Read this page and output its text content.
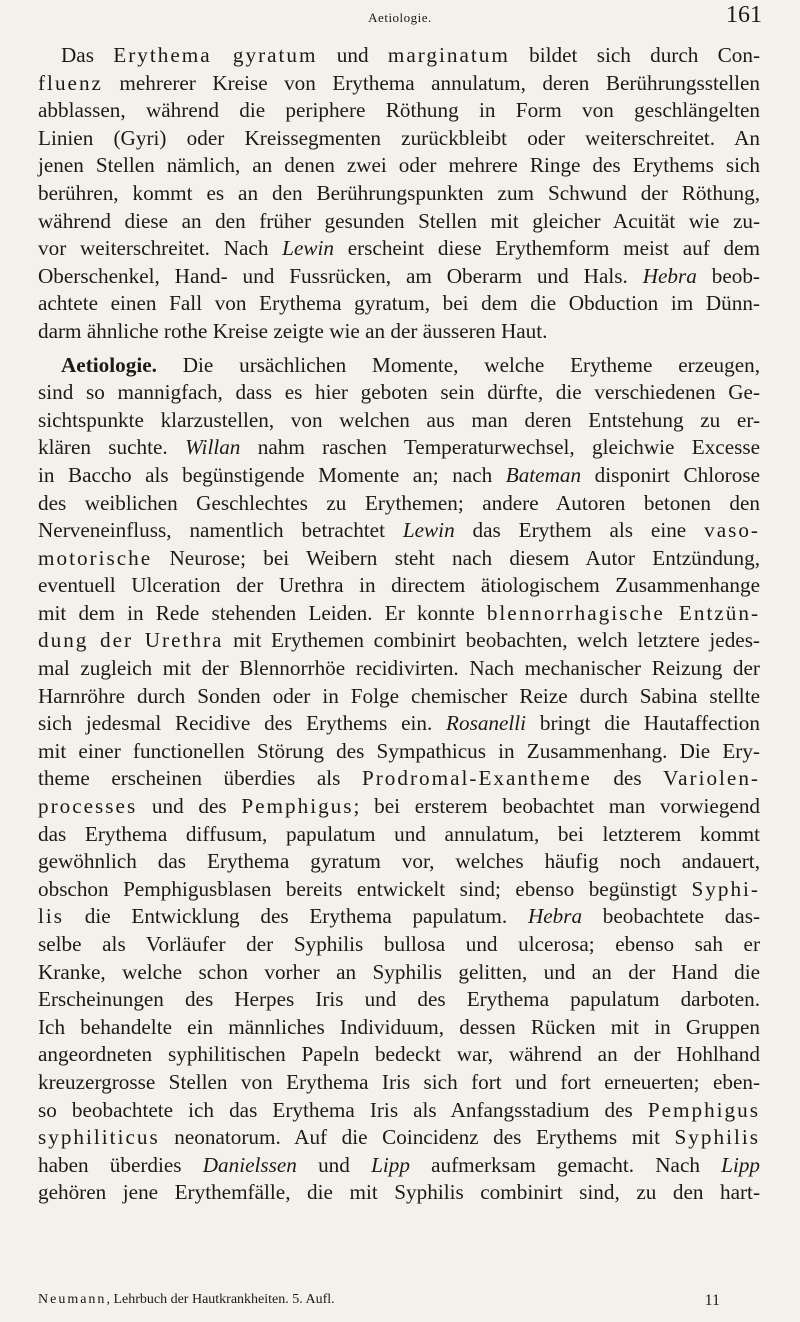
Aetiologie.	161

Das Erythema gyratum und marginatum bildet sich durch Con-
fluenz mehrerer Kreise von Erythema annulatum, deren Berührungsstellen
abblassen, während die periphere Röthung in Form von geschlängelten
Linien (Gyri) oder Kreissegmenten zurückbleibt oder weiterschreitet. An
jenen Stellen nämlich, an denen zwei oder mehrere Ringe des Erythems sich
berühren, kommt es an den Berührungspunkten zum Schwund der Röthung,
während diese an den früher gesunden Stellen mit gleicher Acuität wie zu-
vor weiterschreitet. Nach Lewin erscheint diese Erythemform meist auf dem
Oberschenkel, Hand- und Fussrücken, am Oberarm und Hals. Hebra beob-
achtete einen Fall von Erythema gyratum, bei dem die Obduction im Dünn-
darm ähnliche rothe Kreise zeigte wie an der äusseren Haut.

Aetiologie. Die ursächlichen Momente, welche Erytheme erzeugen,
sind so mannigfach, dass es hier geboten sein dürfte, die verschiedenen Ge-
sichtspunkte klarzustellen, von welchen aus man deren Entstehung zu er-
klären suchte. Willan nahm raschen Temperaturwechsel, gleichwie Excesse
in Baccho als begünstigende Momente an; nach Bateman disponirt Chlorose
des weiblichen Geschlechtes zu Erythemen; andere Autoren betonen den
Nerveneinfluss, namentlich betrachtet Lewin das Erythem als eine vaso-
motorische Neurose; bei Weibern steht nach diesem Autor Entzündung,
eventuell Ulceration der Urethra in directem ätiologischem Zusammenhange
mit dem in Rede stehenden Leiden. Er konnte blennorrhagische Entzün-
dung der Urethra mit Erythemen combinirt beobachten, welch letztere jedes-
mal zugleich mit der Blennorrhöe recidivirten. Nach mechanischer Reizung der
Harnröhre durch Sonden oder in Folge chemischer Reize durch Sabina stellte
sich jedesmal Recidive des Erythems ein. Rosanelli bringt die Hautaffection
mit einer functionellen Störung des Sympathicus in Zusammenhang. Die Ery-
theme erscheinen überdies als Prodromal-Exantheme des Variolen-
processes und des Pemphigus; bei ersterem beobachtet man vorwiegend
das Erythema diffusum, papulatum und annulatum, bei letzterem kommt
gewöhnlich das Erythema gyratum vor, welches häufig noch andauert,
obschon Pemphigusblasen bereits entwickelt sind; ebenso begünstigt Syphi-
lis die Entwicklung des Erythema papulatum. Hebra beobachtete das-
selbe als Vorläufer der Syphilis bullosa und ulcerosa; ebenso sah er
Kranke, welche schon vorher an Syphilis gelitten, und an der Hand die
Erscheinungen des Herpes Iris und des Erythema papulatum darboten.
Ich behandelte ein männliches Individuum, dessen Rücken mit in Gruppen
angeordneten syphilitischen Papeln bedeckt war, während an der Hohlhand
kreuzergrosse Stellen von Erythema Iris sich fort und fort erneuerten; eben-
so beobachtete ich das Erythema Iris als Anfangsstadium des Pemphigus
syphiliticus neonatorum. Auf die Coincidenz des Erythems mit Syphilis
haben überdies Danielssen und Lipp aufmerksam gemacht. Nach Lipp
gehören jene Erythemfälle, die mit Syphilis combinirt sind, zu den hart-

Neumann, Lehrbuch der Hautkrankheiten. 5. Aufl.	11
